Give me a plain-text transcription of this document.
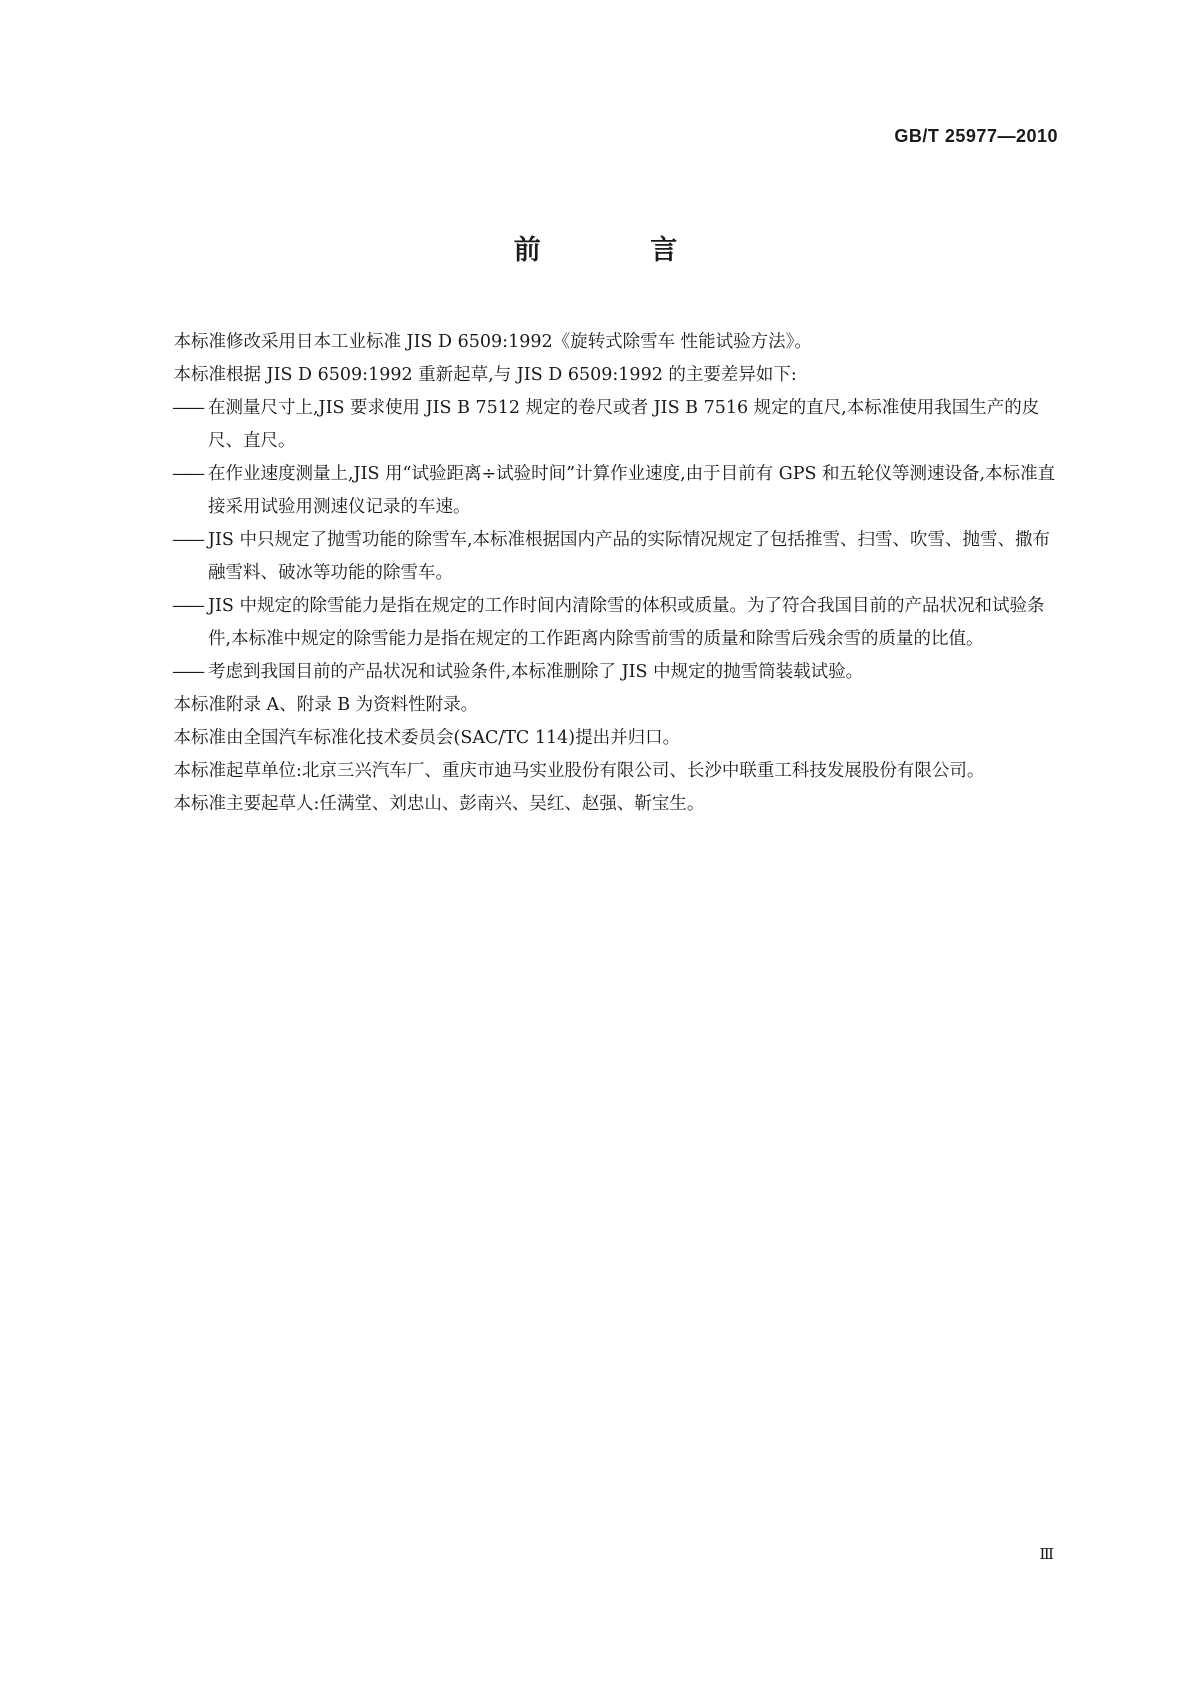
GB/T 25977—2010
前 言

本标准修改采用日本工业标准 JIS D 6509:1992《旋转式除雪车 性能试验方法》。

本标准根据 JIS D 6509:1992 重新起草,与 JIS D 6509:1992 的主要差异如下:

—— 在测量尺寸上,JIS 要求使用 JIS B 7512 规定的卷尺或者 JIS B 7516 规定的直尺,本标准使用我国生产的皮尺、直尺。

—— 在作业速度测量上,JIS 用“试验距离÷试验时间”计算作业速度,由于目前有 GPS 和五轮仪等测速设备,本标准直接采用试验用测速仪记录的车速。

—— JIS 中只规定了抛雪功能的除雪车,本标准根据国内产品的实际情况规定了包括推雪、扫雪、吹雪、抛雪、撒布融雪料、破冰等功能的除雪车。

—— JIS 中规定的除雪能力是指在规定的工作时间内清除雪的体积或质量。为了符合我国目前的产品状况和试验条件,本标准中规定的除雪能力是指在规定的工作距离内除雪前雪的质量和除雪后残余雪的质量的比值。

—— 考虑到我国目前的产品状况和试验条件,本标准删除了 JIS 中规定的抛雪筒装载试验。

本标准附录 A、附录 B 为资料性附录。

本标准由全国汽车标准化技术委员会(SAC/TC 114)提出并归口。

本标准起草单位:北京三兴汽车厂、重庆市迪马实业股份有限公司、长沙中联重工科技发展股份有限公司。

本标准主要起草人:任满堂、刘忠山、彭南兴、吴红、赵强、靳宝生。

Ⅲ
